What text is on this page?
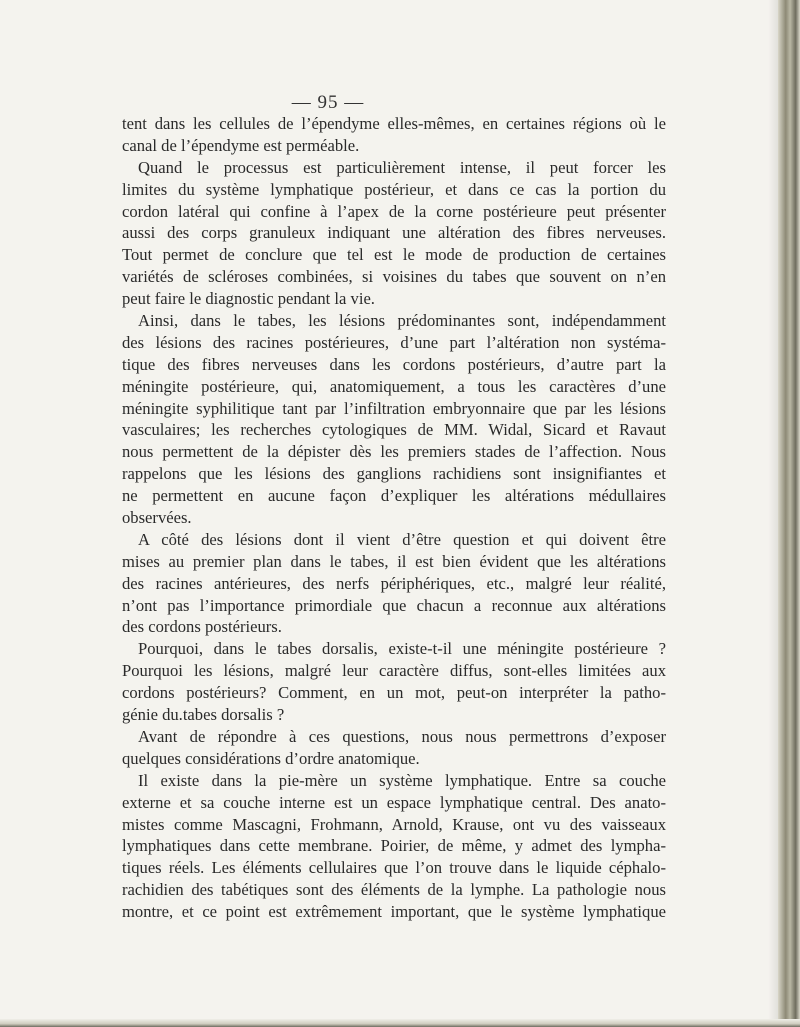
— 95 —
tent dans les cellules de l’épendyme elles-mêmes, en certaines régions où le
canal de l’épendyme est perméable.
Quand le processus est particulièrement intense, il peut forcer les
limites du système lymphatique postérieur, et dans ce cas la portion du
cordon latéral qui confine à l’apex de la corne postérieure peut présenter
aussi des corps granuleux indiquant une altération des fibres nerveuses.
Tout permet de conclure que tel est le mode de production de certaines
variétés de scléroses combinées, si voisines du tabes que souvent on n’en
peut faire le diagnostic pendant la vie.
Ainsi, dans le tabes, les lésions prédominantes sont, indépendamment
des lésions des racines postérieures, d’une part l’altération non systéma-
tique des fibres nerveuses dans les cordons postérieurs, d’autre part la
méningite postérieure, qui, anatomiquement, a tous les caractères d’une
méningite syphilitique tant par l’infiltration embryonnaire que par les lésions
vasculaires; les recherches cytologiques de MM. Widal, Sicard et Ravaut
nous permettent de la dépister dès les premiers stades de l’affection. Nous
rappelons que les lésions des ganglions rachidiens sont insignifiantes et
ne permettent en aucune façon d’expliquer les altérations médullaires
observées.
A côté des lésions dont il vient d’être question et qui doivent être
mises au premier plan dans le tabes, il est bien évident que les altérations
des racines antérieures, des nerfs périphériques, etc., malgré leur réalité,
n’ont pas l’importance primordiale que chacun a reconnue aux altérations
des cordons postérieurs.
Pourquoi, dans le tabes dorsalis, existe-t-il une méningite postérieure ?
Pourquoi les lésions, malgré leur caractère diffus, sont-elles limitées aux
cordons postérieurs? Comment, en un mot, peut-on interpréter la patho-
génie du.tabes dorsalis ?
Avant de répondre à ces questions, nous nous permettrons d’exposer
quelques considérations d’ordre anatomique.
Il existe dans la pie-mère un système lymphatique. Entre sa couche
externe et sa couche interne est un espace lymphatique central. Des anato-
mistes comme Mascagni, Frohmann, Arnold, Krause, ont vu des vaisseaux
lymphatiques dans cette membrane. Poirier, de même, y admet des lympha-
tiques réels. Les éléments cellulaires que l’on trouve dans le liquide céphalo-
rachidien des tabétiques sont des éléments de la lymphe. La pathologie nous
montre, et ce point est extrêmement important, que le système lymphatique
